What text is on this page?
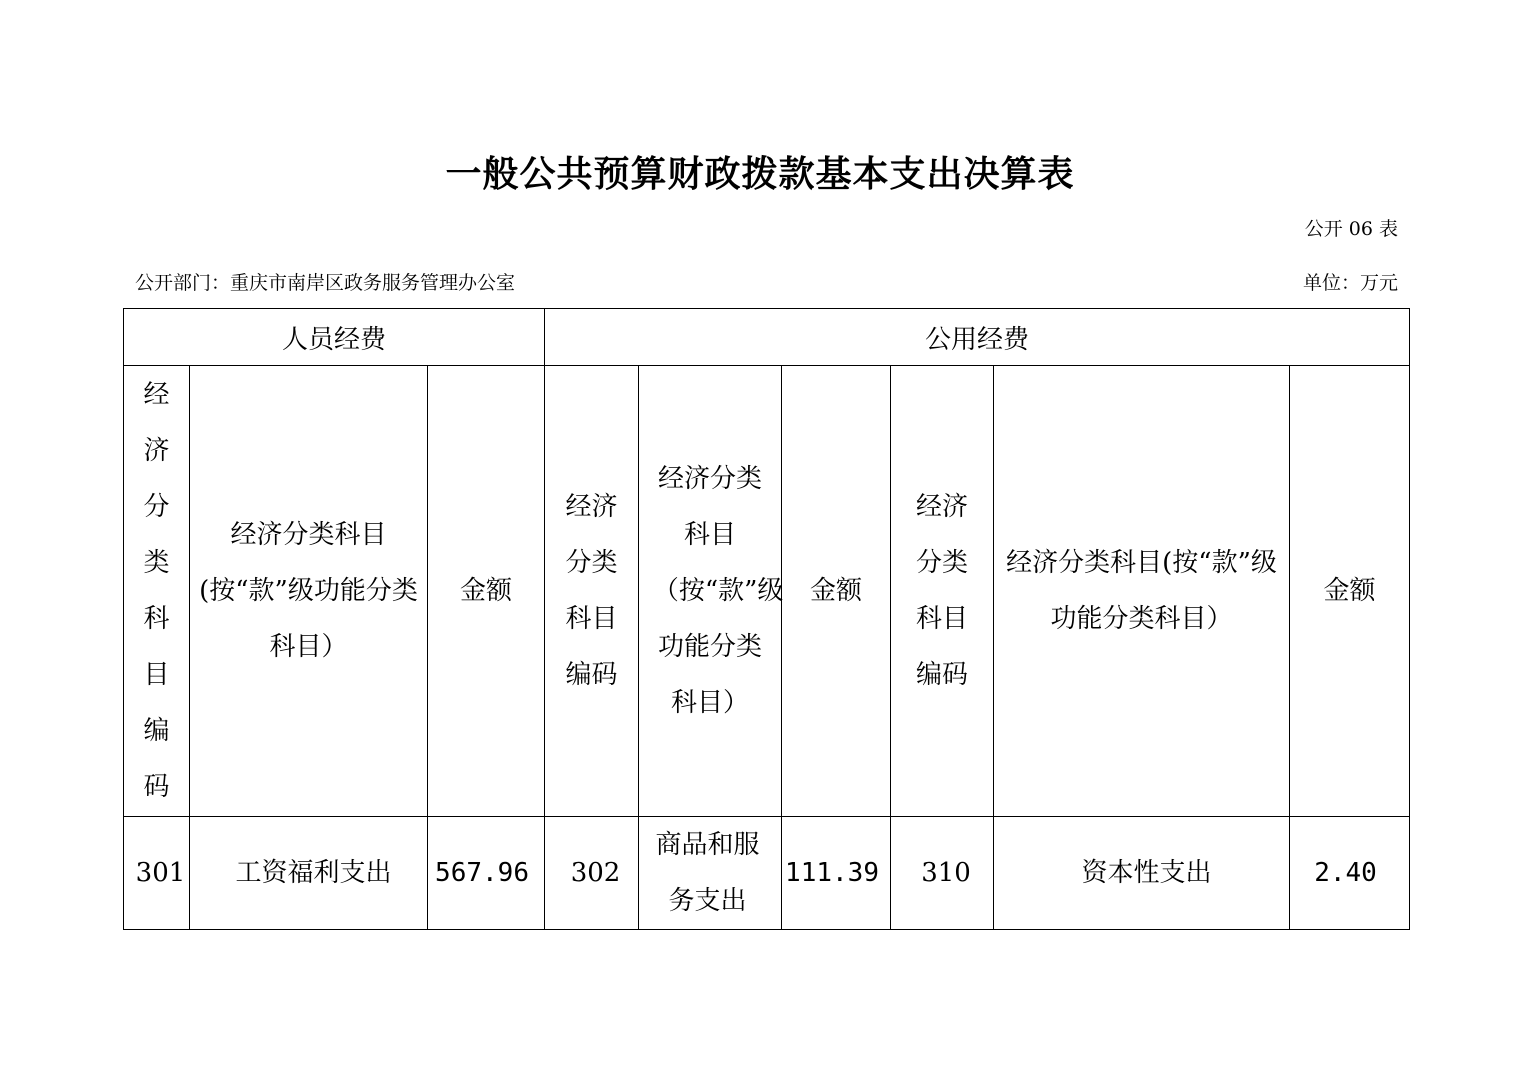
一般公共预算财政拨款基本支出决算表
公开 06 表
公开部门：重庆市南岸区政务服务管理办公室	单位：万元
人员经费			公用经费					

经济分类科目编码	经济分类科目(按“款”级功能分类科目）	金额	经济分类科目编码	经济分类科目（按“款”级功能分类科目）	金额	经济分类科目编码	经济分类科目(按“款”级功能分类科目）	金额
301	工资福利支出	567.96	302	商品和服务支出	111.39	310	资本性支出	2.40
